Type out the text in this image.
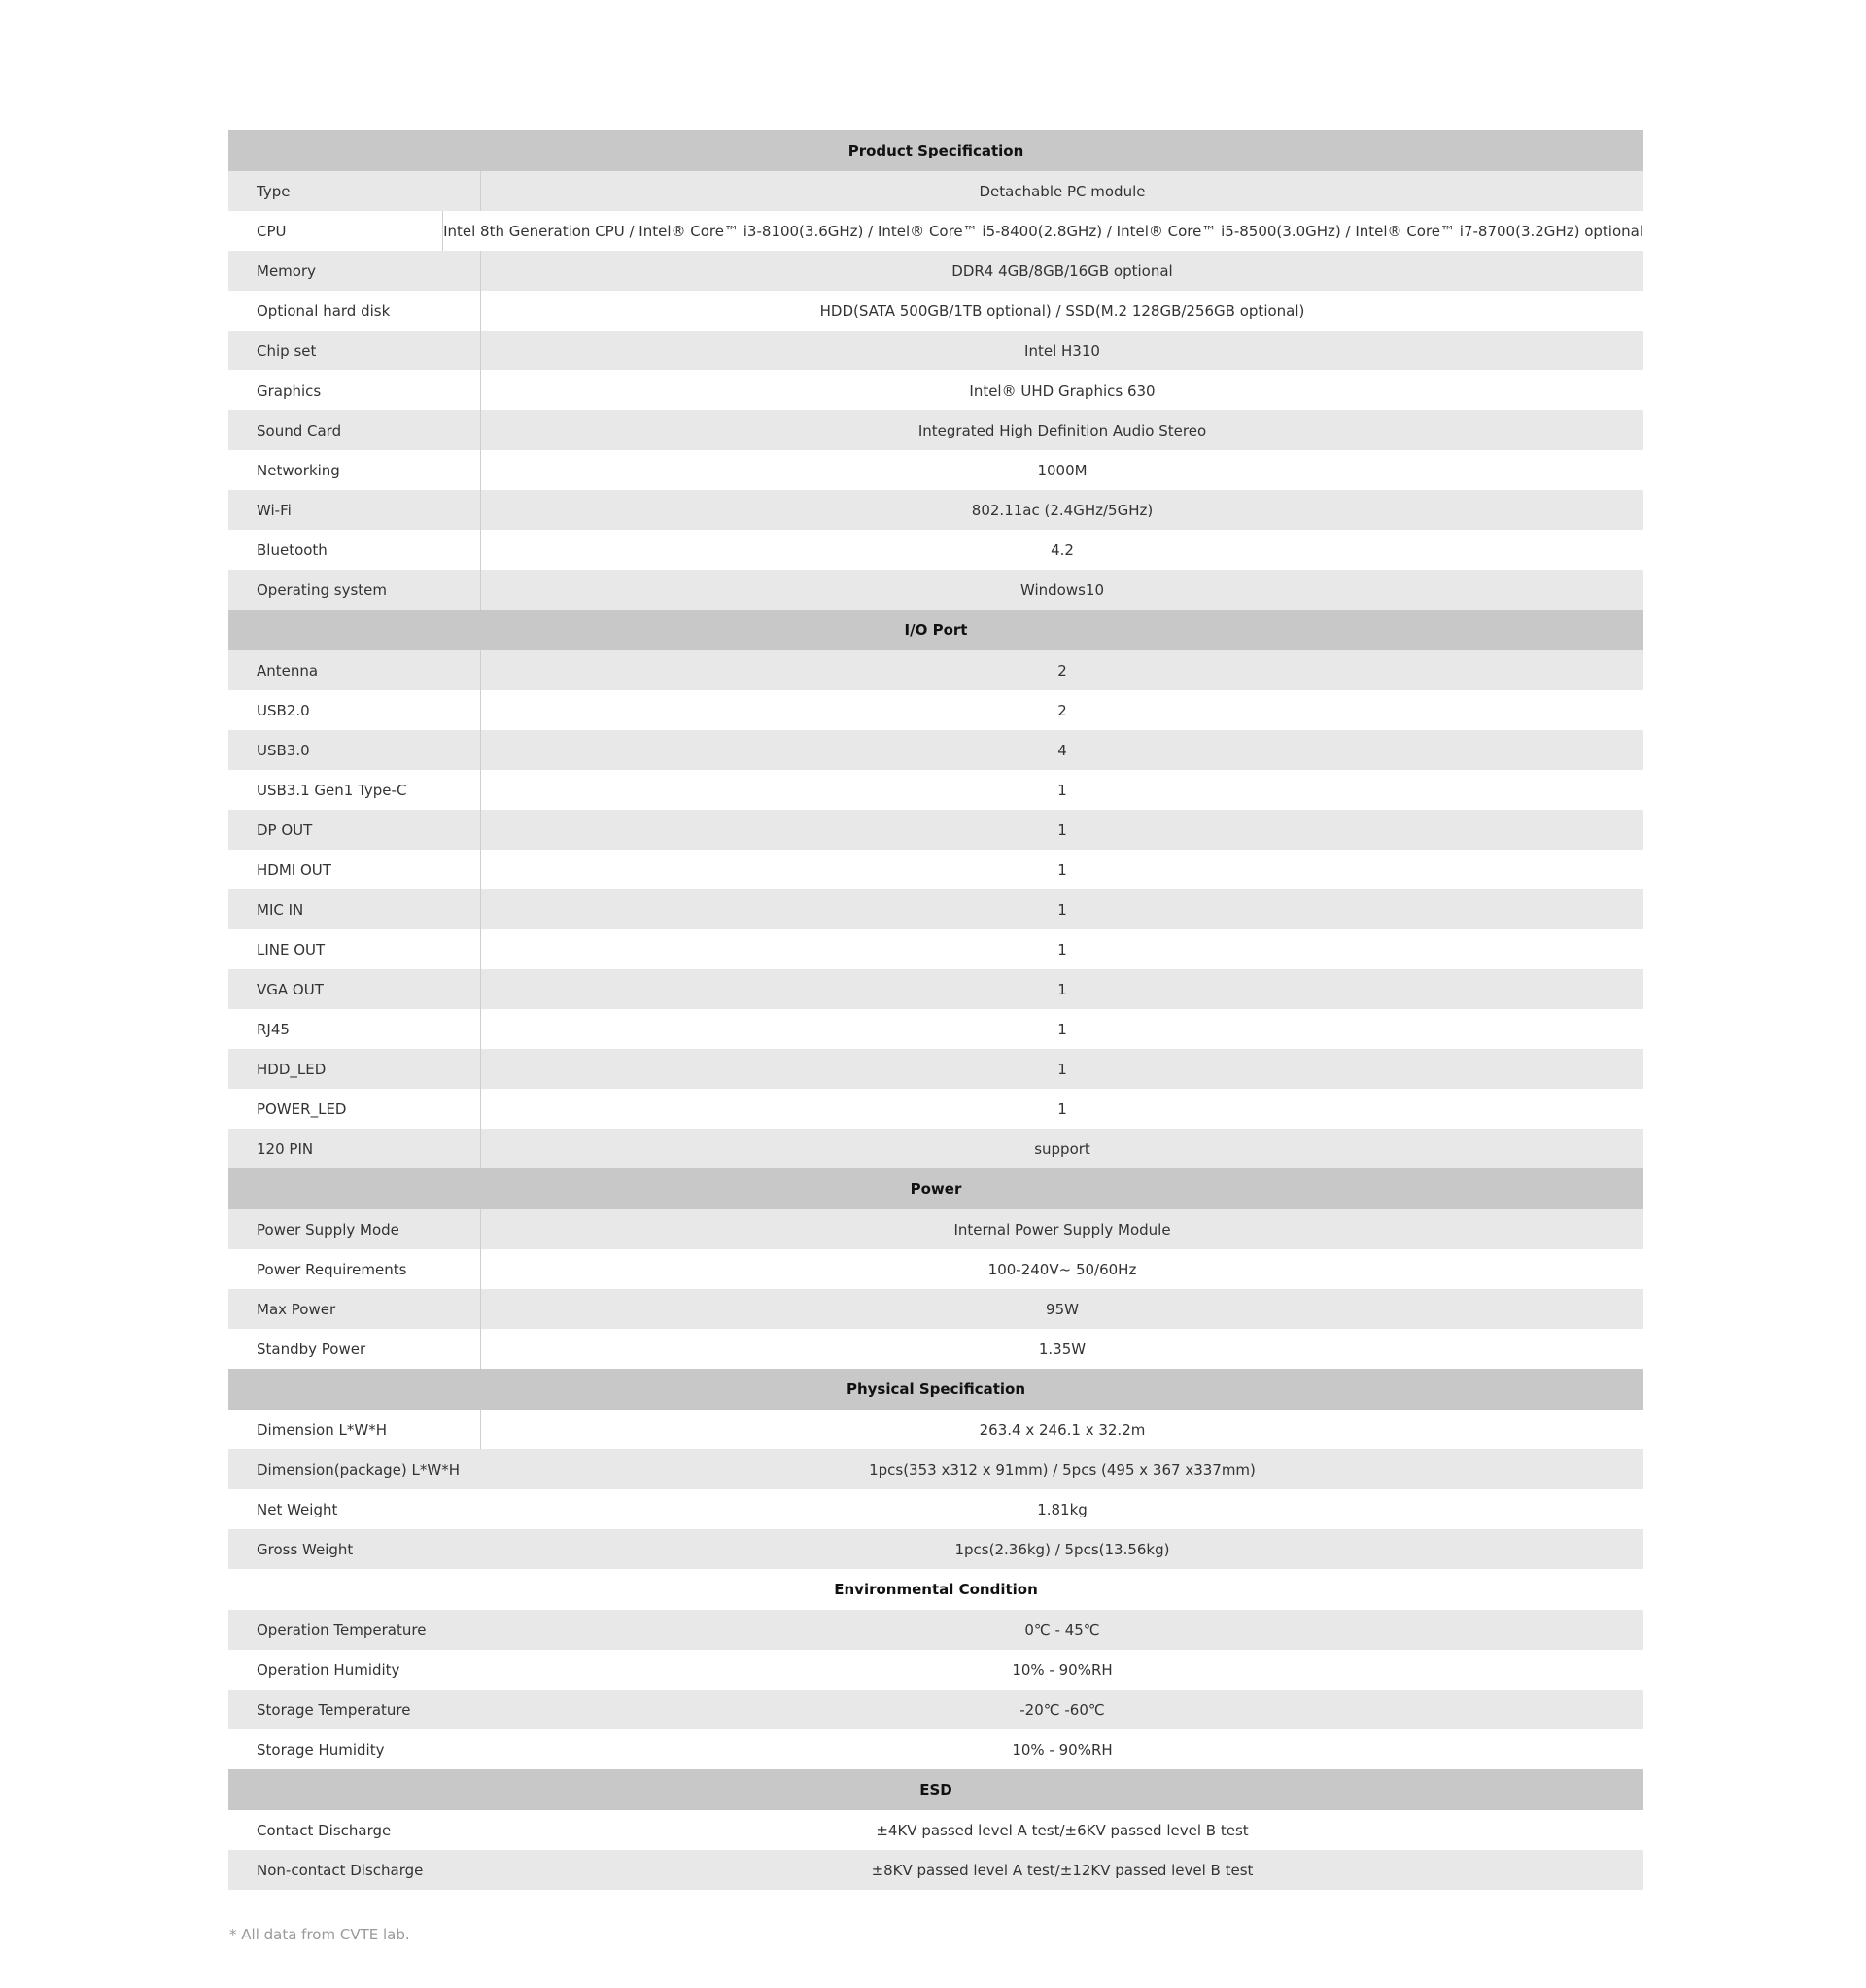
Product Specification
Type	Detachable PC module
CPU	Intel 8th Generation CPU / Intel® Core™ i3-8100(3.6GHz) / Intel® Core™ i5-8400(2.8GHz) / Intel® Core™ i5-8500(3.0GHz) / Intel® Core™ i7-8700(3.2GHz) optional
Memory	DDR4 4GB/8GB/16GB optional
Optional hard disk	HDD(SATA 500GB/1TB optional) / SSD(M.2 128GB/256GB optional)
Chip set	Intel H310
Graphics	Intel® UHD Graphics 630
Sound Card	Integrated High Definition Audio Stereo
Networking	1000M
Wi-Fi	802.11ac (2.4GHz/5GHz)
Bluetooth	4.2
Operating system	Windows10
I/O Port
Antenna	2
USB2.0	2
USB3.0	4
USB3.1 Gen1 Type-C	1
DP OUT	1
HDMI OUT	1
MIC IN	1
LINE OUT	1
VGA OUT	1
RJ45	1
HDD_LED	1
POWER_LED	1
120 PIN	support
Power
Power Supply Mode	Internal Power Supply Module
Power Requirements	100-240V~ 50/60Hz
Max Power	95W
Standby Power	1.35W
Physical Specification
Dimension L*W*H	263.4 x 246.1 x 32.2m
Dimension(package) L*W*H	1pcs(353 x312 x 91mm) / 5pcs (495 x 367 x337mm)
Net Weight	1.81kg
Gross Weight	1pcs(2.36kg) / 5pcs(13.56kg)
Environmental Condition
Operation Temperature	0℃ - 45℃
Operation Humidity	10% - 90%RH
Storage Temperature	-20℃ -60℃
Storage Humidity	10% - 90%RH
ESD
Contact Discharge	±4KV passed level A test/±6KV passed level B test
Non-contact Discharge	±8KV passed level A test/±12KV passed level B test
* All data from CVTE lab.
